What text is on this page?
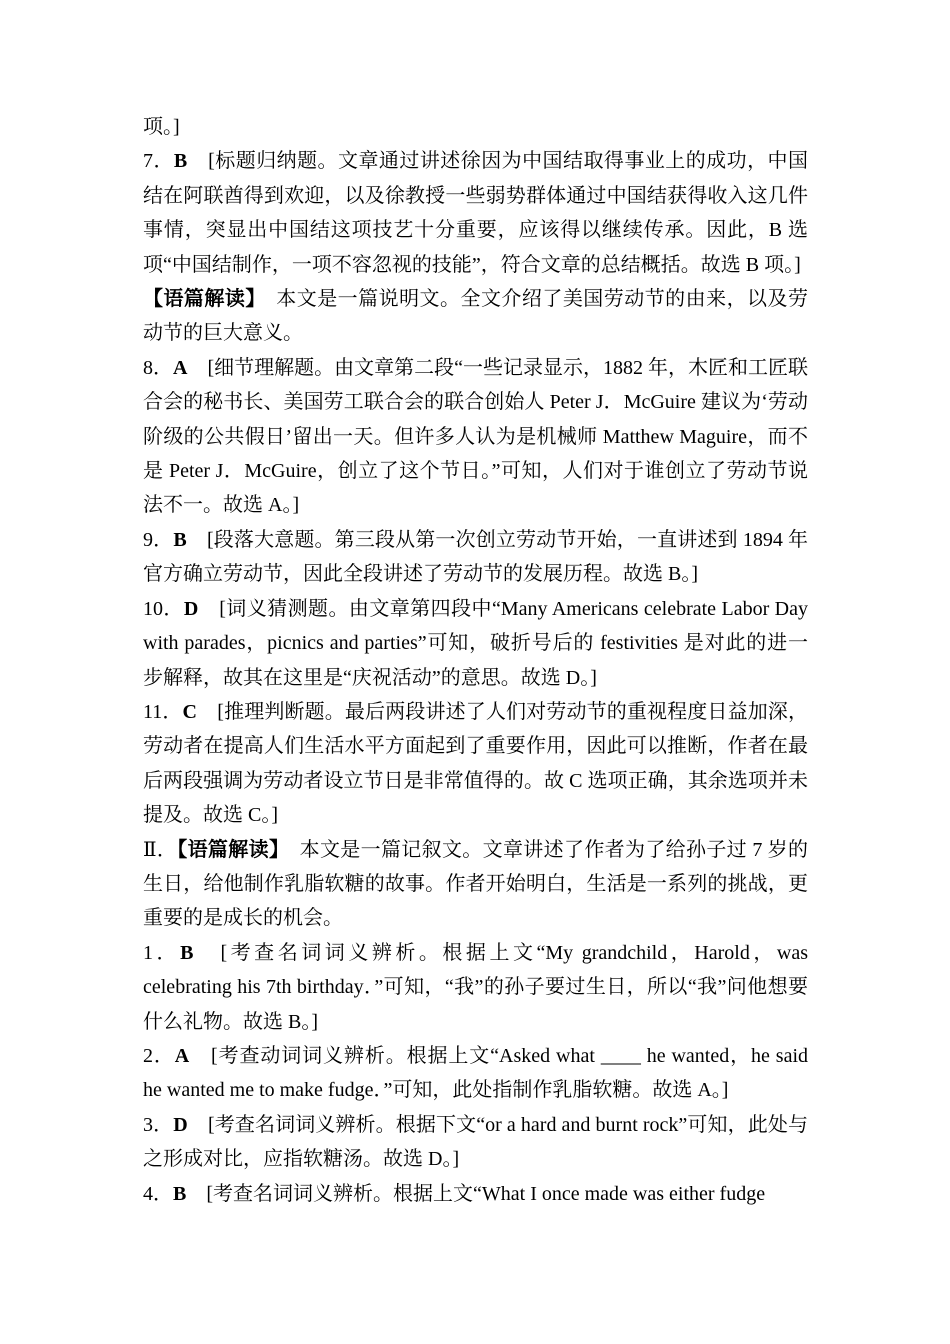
项。]

7．B　[标题归纳题。文章通过讲述徐因为中国结取得事业上的成功，中国结在阿联酋得到欢迎，以及徐教授一些弱势群体通过中国结获得收入这几件事情，突显出中国结这项技艺十分重要，应该得以继续传承。因此，B 选项“中国结制作，一项不容忽视的技能”，符合文章的总结概括。故选 B 项。]

【语篇解读】　本文是一篇说明文。全文介绍了美国劳动节的由来，以及劳动节的巨大意义。

8．A　[细节理解题。由文章第二段“一些记录显示，1882 年，木匠和工匠联合会的秘书长、美国劳工联合会的联合创始人 Peter J．McGuire 建议为‘劳动阶级的公共假日’留出一天。但许多人认为是机械师 Matthew Maguire，而不是 Peter J．McGuire，创立了这个节日。”可知，人们对于谁创立了劳动节说法不一。故选 A。]

9．B　[段落大意题。第三段从第一次创立劳动节开始，一直讲述到 1894 年官方确立劳动节，因此全段讲述了劳动节的发展历程。故选 B。]

10．D　[词义猜测题。由文章第四段中“Many Americans celebrate Labor Day with parades，picnics and parties”可知，破折号后的 festivities 是对此的进一步解释，故其在这里是“庆祝活动”的意思。故选 D。]

11．C　[推理判断题。最后两段讲述了人们对劳动节的重视程度日益加深，劳动者在提高人们生活水平方面起到了重要作用，因此可以推断，作者在最后两段强调为劳动者设立节日是非常值得的。故 C 选项正确，其余选项并未提及。故选 C。]

Ⅱ．【语篇解读】　本文是一篇记叙文。文章讲述了作者为了给孙子过 7 岁的生日，给他制作乳脂软糖的故事。作者开始明白，生活是一系列的挑战，更重要的是成长的机会。

1．B　[考查名词词义辨析。根据上文“My grandchild，Harold，was celebrating his 7th birthday．”可知，“我”的孙子要过生日，所以“我”问他想要什么礼物。故选 B。]

2．A　[考查动词词义辨析。根据上文“Asked what ____ he wanted，he said he wanted me to make fudge．”可知，此处指制作乳脂软糖。故选 A。]

3．D　[考查名词词义辨析。根据下文“or a hard and burnt rock”可知，此处与之形成对比，应指软糖汤。故选 D。]

4．B　[考查名词词义辨析。根据上文“What I once made was either fudge
